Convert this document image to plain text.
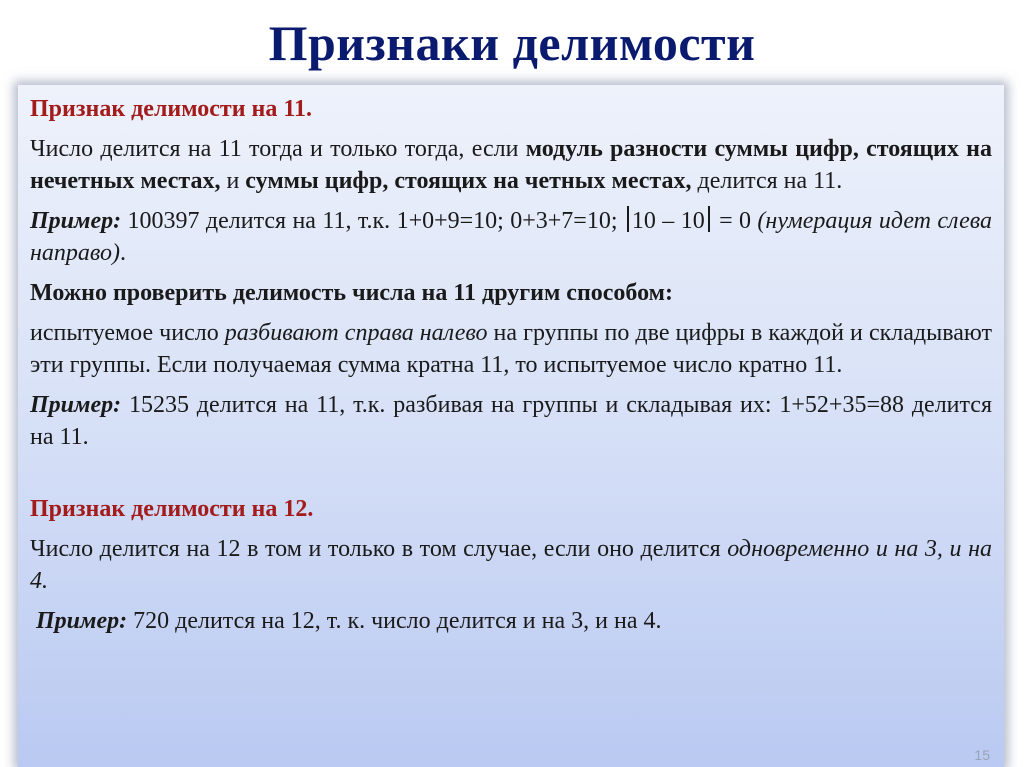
Признаки делимости

Признак делимости на 11.

Число делится на 11 тогда и только тогда, если модуль разности суммы цифр, стоящих на нечетных местах, и суммы цифр, стоящих на четных местах, делится на 11.

Пример: 100397 делится на 11, т.к. 1+0+9=10; 0+3+7=10; 10 – 10 = 0 (нумерация идет слева направо).

Можно проверить делимость числа на 11 другим способом:

испытуемое число разбивают справа налево на группы по две цифры в каждой и складывают эти группы. Если получаемая сумма кратна 11, то испытуемое число кратно 11.

Пример: 15235 делится на 11, т.к. разбивая на группы и складывая их: 1+52+35=88 делится на 11.

Признак делимости на 12.

Число делится на 12 в том и только в том случае, если оно делится одновременно и на 3, и на 4.

Пример: 720 делится на 12, т. к. число делится и на 3, и на 4.

15
